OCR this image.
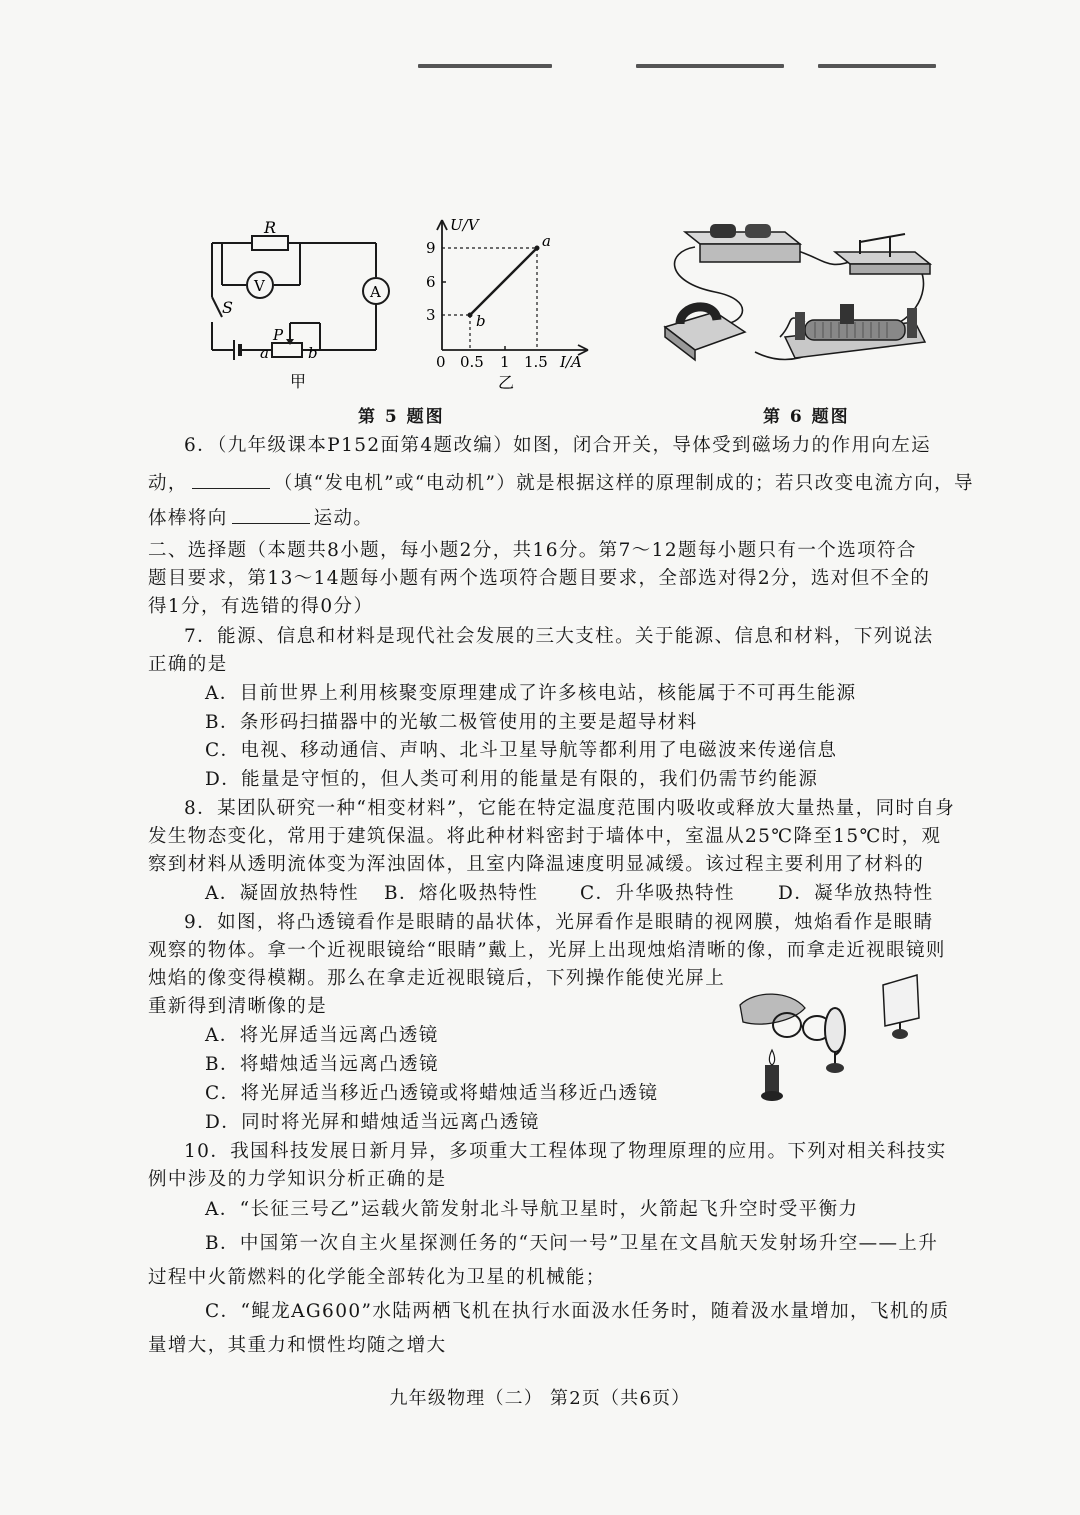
R
V	A
S
P
a	b
甲
U/V
9
6
3
0 0.5 1 1.5 I/A
a
b
乙
第 5 题图	第 6 题图
6．（九年级课本P152面第4题改编）如图，闭合开关，导体受到磁场力的作用向左运
动，	（填“发电机”或“电动机”）就是根据这样的原理制成的；若只改变电流方向，导
体棒将向	运动。
二、选择题（本题共8小题，每小题2分，共16分。第7～12题每小题只有一个选项符合
题目要求，第13～14题每小题有两个选项符合题目要求，全部选对得2分，选对但不全的
得1分，有选错的得0分）
7．能源、信息和材料是现代社会发展的三大支柱。关于能源、信息和材料，下列说法
正确的是
A．目前世界上利用核聚变原理建成了许多核电站，核能属于不可再生能源
B．条形码扫描器中的光敏二极管使用的主要是超导材料
C．电视、移动通信、声呐、北斗卫星导航等都利用了电磁波来传递信息
D．能量是守恒的，但人类可利用的能量是有限的，我们仍需节约能源
8．某团队研究一种“相变材料”，它能在特定温度范围内吸收或释放大量热量，同时自身
发生物态变化，常用于建筑保温。将此种材料密封于墙体中，室温从25℃降至15℃时，观
察到材料从透明流体变为浑浊固体，且室内降温速度明显减缓。该过程主要利用了材料的
A．凝固放热特性 B．熔化吸热特性 C．升华吸热特性 D．凝华放热特性
9．如图，将凸透镜看作是眼睛的晶状体，光屏看作是眼睛的视网膜，烛焰看作是眼睛
观察的物体。拿一个近视眼镜给“眼睛”戴上，光屏上出现烛焰清晰的像，而拿走近视眼镜则
烛焰的像变得模糊。那么在拿走近视眼镜后，下列操作能使光屏上
重新得到清晰像的是
A．将光屏适当远离凸透镜
B．将蜡烛适当远离凸透镜
C．将光屏适当移近凸透镜或将蜡烛适当移近凸透镜
D．同时将光屏和蜡烛适当远离凸透镜
10．我国科技发展日新月异，多项重大工程体现了物理原理的应用。下列对相关科技实
例中涉及的力学知识分析正确的是
A．“长征三号乙”运载火箭发射北斗导航卫星时，火箭起飞升空时受平衡力
B．中国第一次自主火星探测任务的“天问一号”卫星在文昌航天发射场升空——上升
过程中火箭燃料的化学能全部转化为卫星的机械能；
C．“鲲龙AG600”水陆两栖飞机在执行水面汲水任务时，随着汲水量增加，飞机的质
量增大，其重力和惯性均随之增大
九年级物理（二） 第2页（共6页）
